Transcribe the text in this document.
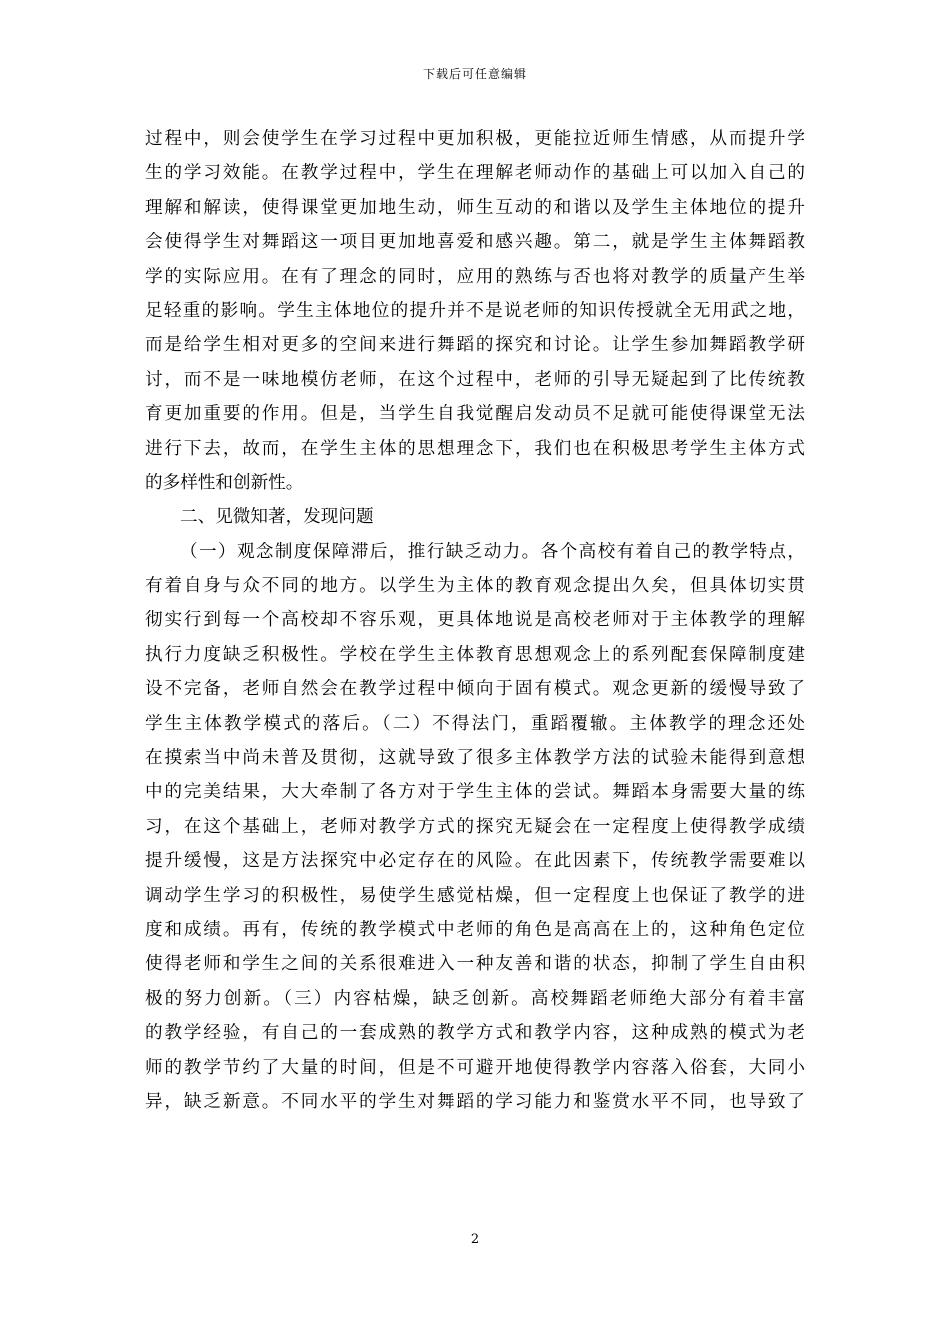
下载后可任意编辑
过程中，则会使学生在学习过程中更加积极，更能拉近师生情感，从而提升学
生的学习效能。在教学过程中，学生在理解老师动作的基础上可以加入自己的
理解和解读，使得课堂更加地生动，师生互动的和谐以及学生主体地位的提升
会使得学生对舞蹈这一项目更加地喜爱和感兴趣。第二，就是学生主体舞蹈教
学的实际应用。在有了理念的同时，应用的熟练与否也将对教学的质量产生举
足轻重的影响。学生主体地位的提升并不是说老师的知识传授就全无用武之地，
而是给学生相对更多的空间来进行舞蹈的探究和讨论。让学生参加舞蹈教学研
讨，而不是一味地模仿老师，在这个过程中，老师的引导无疑起到了比传统教
育更加重要的作用。但是，当学生自我觉醒启发动员不足就可能使得课堂无法
进行下去，故而，在学生主体的思想理念下，我们也在积极思考学生主体方式
的多样性和创新性。
二、见微知著，发现问题
（一）观念制度保障滞后，推行缺乏动力。各个高校有着自己的教学特点，
有着自身与众不同的地方。以学生为主体的教育观念提出久矣，但具体切实贯
彻实行到每一个高校却不容乐观，更具体地说是高校老师对于主体教学的理解
执行力度缺乏积极性。学校在学生主体教育思想观念上的系列配套保障制度建
设不完备，老师自然会在教学过程中倾向于固有模式。观念更新的缓慢导致了
学生主体教学模式的落后。（二）不得法门，重蹈覆辙。主体教学的理念还处
在摸索当中尚未普及贯彻，这就导致了很多主体教学方法的试验未能得到意想
中的完美结果，大大牵制了各方对于学生主体的尝试。舞蹈本身需要大量的练
习，在这个基础上，老师对教学方式的探究无疑会在一定程度上使得教学成绩
提升缓慢，这是方法探究中必定存在的风险。在此因素下，传统教学需要难以
调动学生学习的积极性，易使学生感觉枯燥，但一定程度上也保证了教学的进
度和成绩。再有，传统的教学模式中老师的角色是高高在上的，这种角色定位
使得老师和学生之间的关系很难进入一种友善和谐的状态，抑制了学生自由积
极的努力创新。（三）内容枯燥，缺乏创新。高校舞蹈老师绝大部分有着丰富
的教学经验，有自己的一套成熟的教学方式和教学内容，这种成熟的模式为老
师的教学节约了大量的时间，但是不可避开地使得教学内容落入俗套，大同小
异，缺乏新意。不同水平的学生对舞蹈的学习能力和鉴赏水平不同，也导致了
2
